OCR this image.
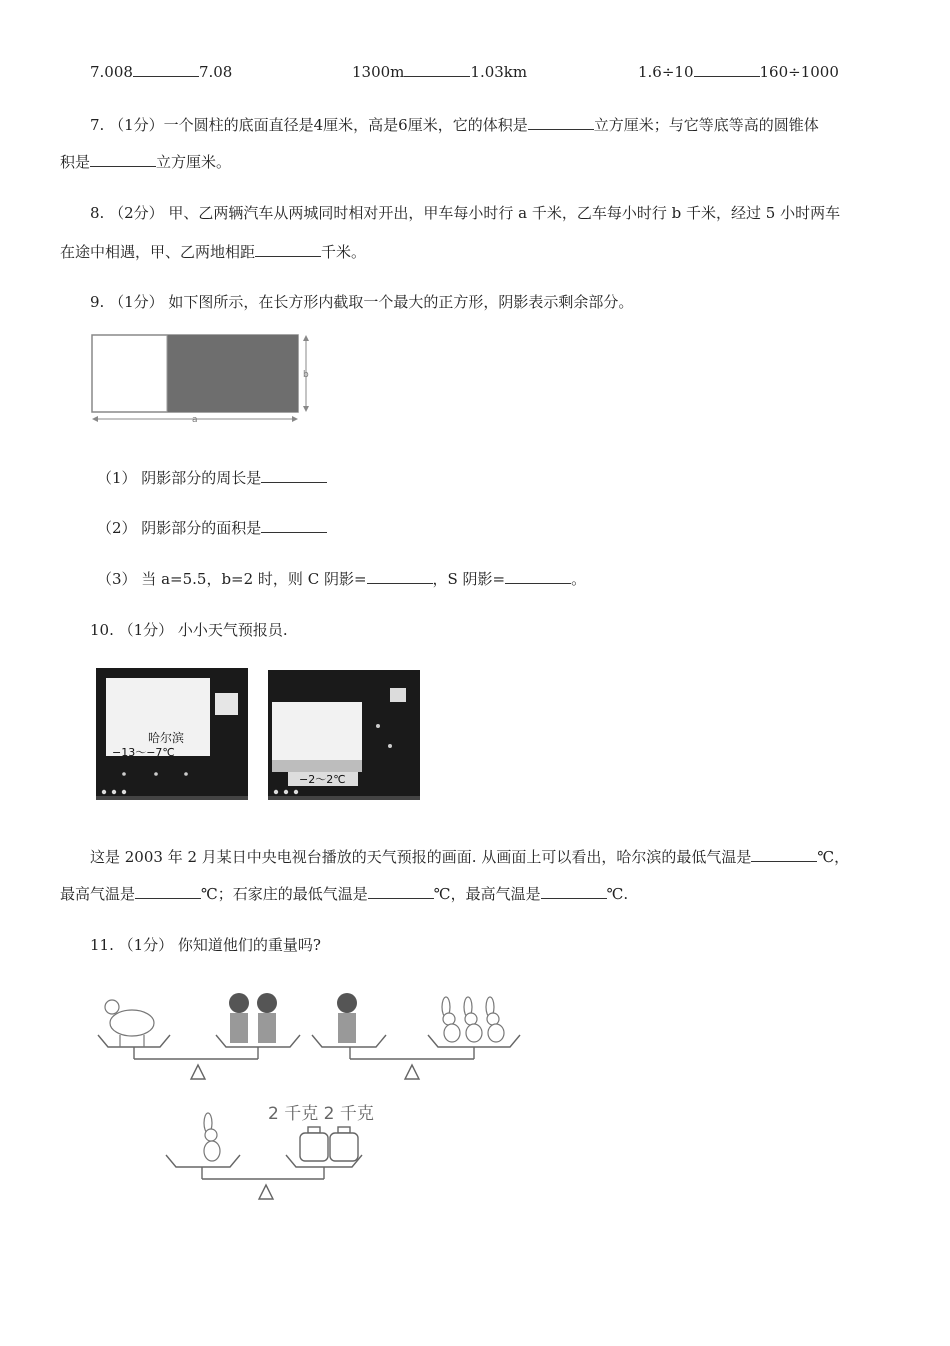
7.008	7.08	1300m	1.03km	1.6÷10	160÷1000
7. （1分）一个圆柱的底面直径是4厘米，高是6厘米，它的体积是	立方厘米；与它等底等高的圆锥体
积是	立方厘米。
8. （2分） 甲、乙两辆汽车从两城同时相对开出，甲车每小时行 a 千米，乙车每小时行 b 千米，经过 5 小时两车
在途中相遇，甲、乙两地相距	千米。
9. （1分） 如下图所示，在长方形内截取一个最大的正方形，阴影表示剩余部分。
b
a
（1） 阴影部分的周长是
（2） 阴影部分的面积是
（3） 当 a=5.5，b=2 时，则 C 阴影=	，S 阴影=	。
10. （1分） 小小天气预报员.
哈尔滨
−13～−7℃
−2～2℃
这是 2003 年 2 月某日中央电视台播放的天气预报的画面. 从画面上可以看出，哈尔滨的最低气温是	℃，
最高气温是	℃；石家庄的最低气温是	℃，最高气温是	℃.
11. （1分） 你知道他们的重量吗?
2 千克 2 千克
